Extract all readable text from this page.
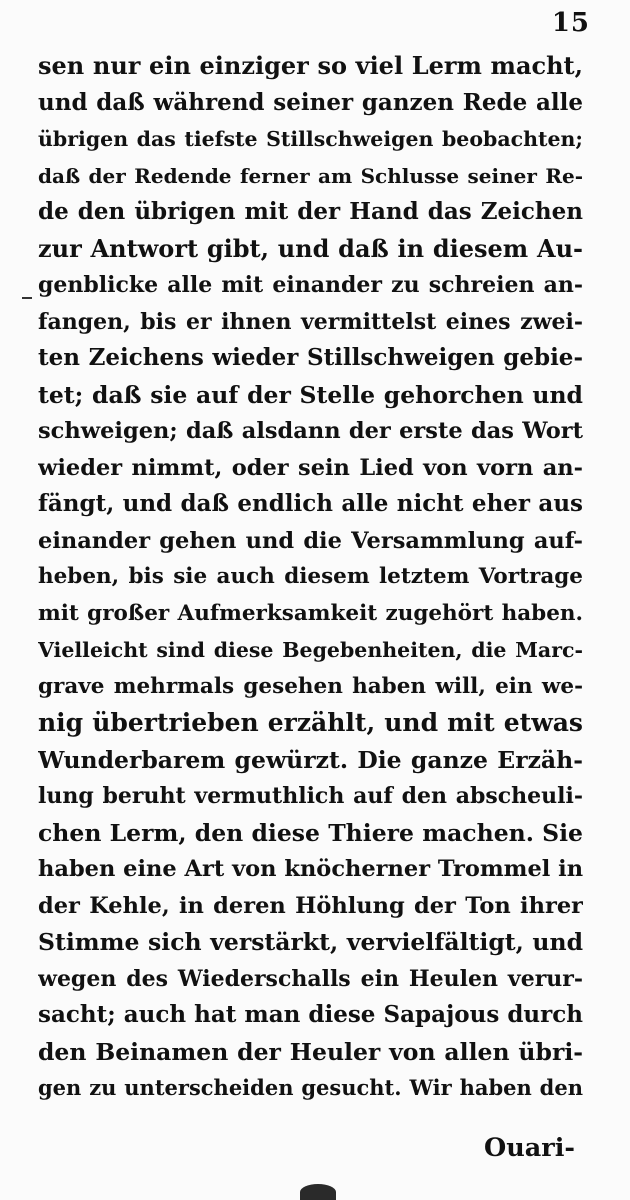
15
sen nur ein einziger so viel Lerm macht,
und daß während seiner ganzen Rede alle
übrigen das tiefste Stillschweigen beobachten;
daß der Redende ferner am Schlusse seiner Re-
de den übrigen mit der Hand das Zeichen
zur Antwort gibt, und daß in diesem Au-
genblicke alle mit einander zu schreien an-
fangen, bis er ihnen vermittelst eines zwei-
ten Zeichens wieder Stillschweigen gebie-
tet; daß sie auf der Stelle gehorchen und
schweigen; daß alsdann der erste das Wort
wieder nimmt, oder sein Lied von vorn an-
fängt, und daß endlich alle nicht eher aus
einander gehen und die Versammlung auf-
heben, bis sie auch diesem letztem Vortrage
mit großer Aufmerksamkeit zugehört haben.
Vielleicht sind diese Begebenheiten, die Marc-
grave mehrmals gesehen haben will, ein we-
nig übertrieben erzählt, und mit etwas
Wunderbarem gewürzt. Die ganze Erzäh-
lung beruht vermuthlich auf den abscheuli-
chen Lerm, den diese Thiere machen. Sie
haben eine Art von knöcherner Trommel in
der Kehle, in deren Höhlung der Ton ihrer
Stimme sich verstärkt, vervielfältigt, und
wegen des Wiederschalls ein Heulen verur-
sacht; auch hat man diese Sapajous durch
den Beinamen der Heuler von allen übri-
gen zu unterscheiden gesucht. Wir haben den
Ouari-
